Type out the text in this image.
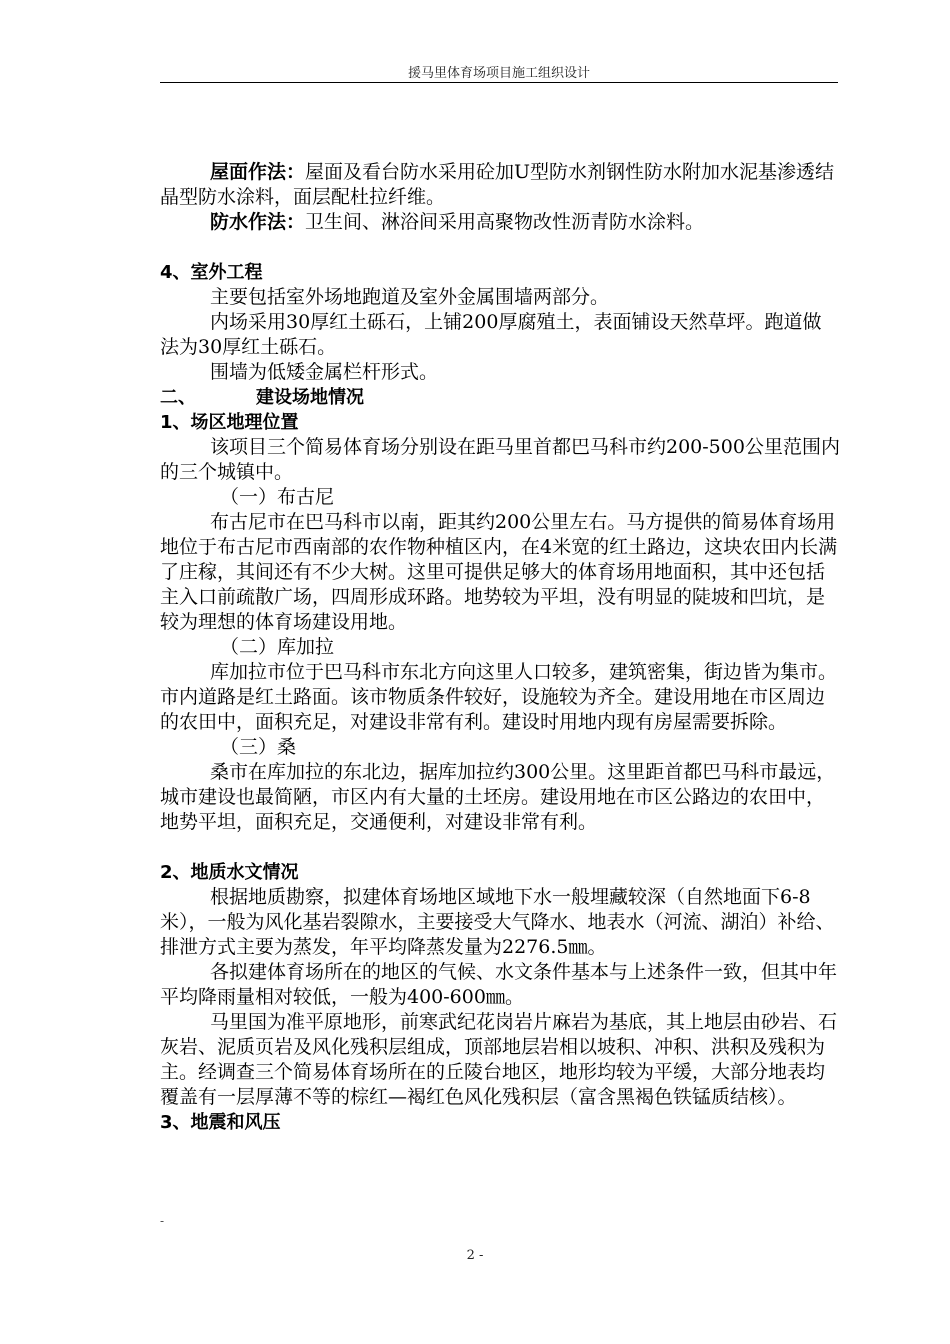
援马里体育场项目施工组织设计

屋面作法：屋面及看台防水采用砼加U型防水剂钢性防水附加水泥基渗透结晶型防水涂料，面层配杜拉纤维。

防水作法：卫生间、淋浴间采用高聚物改性沥青防水涂料。

4、室外工程

主要包括室外场地跑道及室外金属围墙两部分。

内场采用30厚红土砾石，上铺200厚腐殖土，表面铺设天然草坪。跑道做法为30厚红土砾石。

围墙为低矮金属栏杆形式。

二、	建设场地情况

1、场区地理位置

该项目三个简易体育场分别设在距马里首都巴马科市约200-500公里范围内的三个城镇中。

（一）布古尼

布古尼市在巴马科市以南，距其约200公里左右。马方提供的简易体育场用地位于布古尼市西南部的农作物种植区内，在4米宽的红土路边，这块农田内长满了庄稼，其间还有不少大树。这里可提供足够大的体育场用地面积，其中还包括主入口前疏散广场，四周形成环路。地势较为平坦，没有明显的陡坡和凹坑，是较为理想的体育场建设用地。

（二）库加拉

库加拉市位于巴马科市东北方向这里人口较多，建筑密集，街边皆为集市。市内道路是红土路面。该市物质条件较好，设施较为齐全。建设用地在市区周边的农田中，面积充足，对建设非常有利。建设时用地内现有房屋需要拆除。

（三）桑

桑市在库加拉的东北边，据库加拉约300公里。这里距首都巴马科市最远，城市建设也最简陋，市区内有大量的土坯房。建设用地在市区公路边的农田中，地势平坦，面积充足，交通便利，对建设非常有利。

2、地质水文情况

根据地质勘察，拟建体育场地区域地下水一般埋藏较深（自然地面下6-8　米），一般为风化基岩裂隙水，主要接受大气降水、地表水（河流、湖泊）补给、排泄方式主要为蒸发，年平均降蒸发量为2276.5㎜。

各拟建体育场所在的地区的气候、水文条件基本与上述条件一致，但其中年平均降雨量相对较低，一般为400-600㎜。

马里国为准平原地形，前寒武纪花岗岩片麻岩为基底，其上地层由砂岩、石灰岩、泥质页岩及风化残积层组成，顶部地层岩相以坡积、冲积、洪积及残积为主。经调查三个简易体育场所在的丘陵台地区，地形均较为平缓，大部分地表均覆盖有一层厚薄不等的棕红—褐红色风化残积层（富含黑褐色铁锰质结核）。

3、地震和风压

-
2 -
